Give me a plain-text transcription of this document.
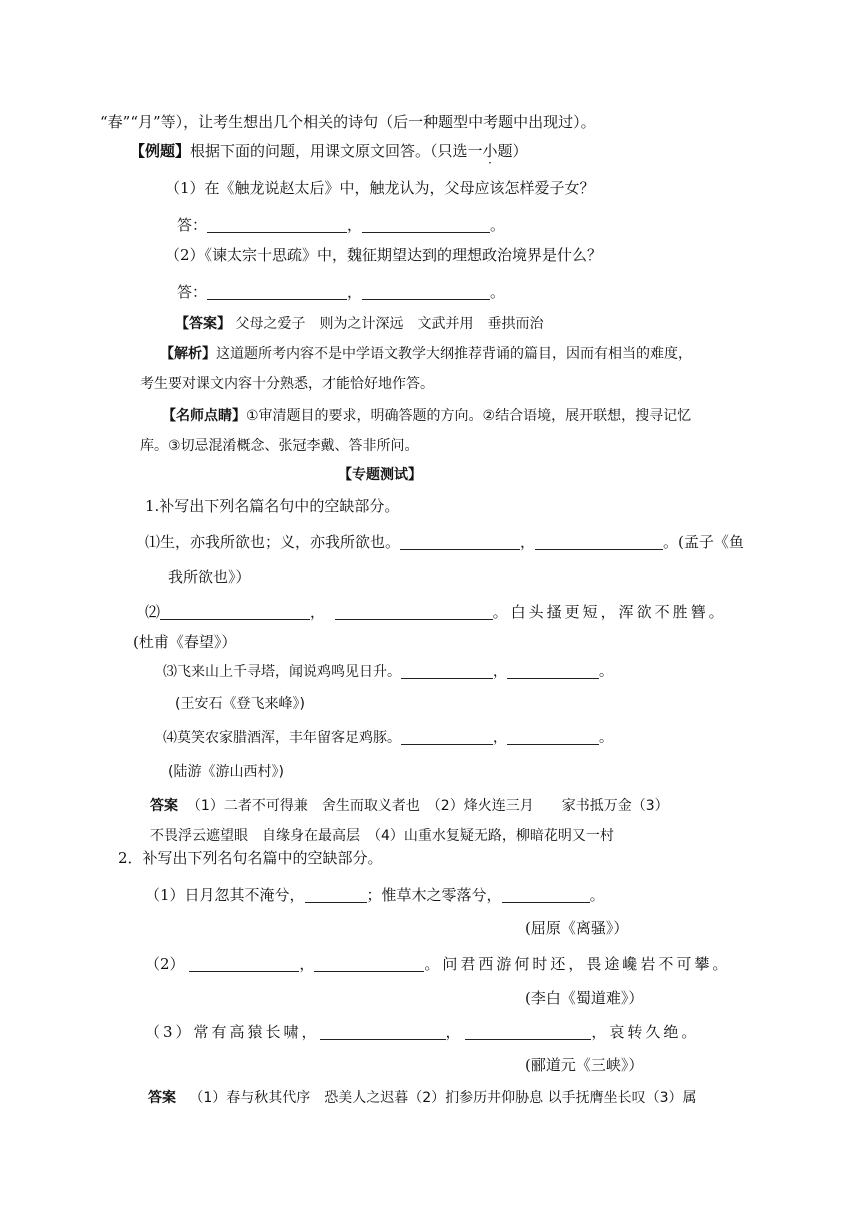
“春”“月”等），让考生想出几个相关的诗句（后一种题型中考题中出现过）。
【例题】根据下面的问题，用课文原文回答。（只选一小题）
（1）在《触龙说赵太后》中，触龙认为，父母应该怎样爱子女？
答：	，	。
（2）《谏太宗十思疏》中，魏征期望达到的理想政治境界是什么？
答：	，	。
【答案】 父母之爱子　则为之计深远　文武并用　垂拱而治
【解析】这道题所考内容不是中学语文教学大纲推荐背诵的篇目，因而有相当的难度，
考生要对课文内容十分熟悉，才能恰好地作答。
【名师点睛】①审清题目的要求，明确答题的方向。②结合语境，展开联想，搜寻记忆
库。③切忌混淆概念、张冠李戴、答非所问。
【专题测试】
1.补写出下列名篇名句中的空缺部分。
⑴生，亦我所欲也；义，亦我所欲也。	，	。(孟子《鱼
我所欲也》）
⑵	，	。白头搔更短，浑欲不胜簪。
(杜甫《春望》）
⑶飞来山上千寻塔，闻说鸡鸣见日升。	，	。
(王安石《登飞来峰》)
⑷莫笑农家腊酒浑，丰年留客足鸡豚。	，	。
(陆游《游山西村》)
答案 （1）二者不可得兼　舍生而取义者也　（2）烽火连三月　　家书抵万金（3）
不畏浮云遮望眼　自缘身在最高层　（4）山重水复疑无路，柳暗花明又一村
2．补写出下列名句名篇中的空缺部分。
（1）日月忽其不淹兮，	；惟草木之零落兮，	。
(屈原《离骚》）
（2）	，	。问君西游何时还，畏途巉岩不可攀。
(李白《蜀道难》）
（3）常有高猿长啸，	，	，哀转久绝。
(郦道元《三峡》）
答案 （1）春与秋其代序　恐美人之迟暮（2）扪参历井仰胁息 以手抚膺坐长叹（3）属
